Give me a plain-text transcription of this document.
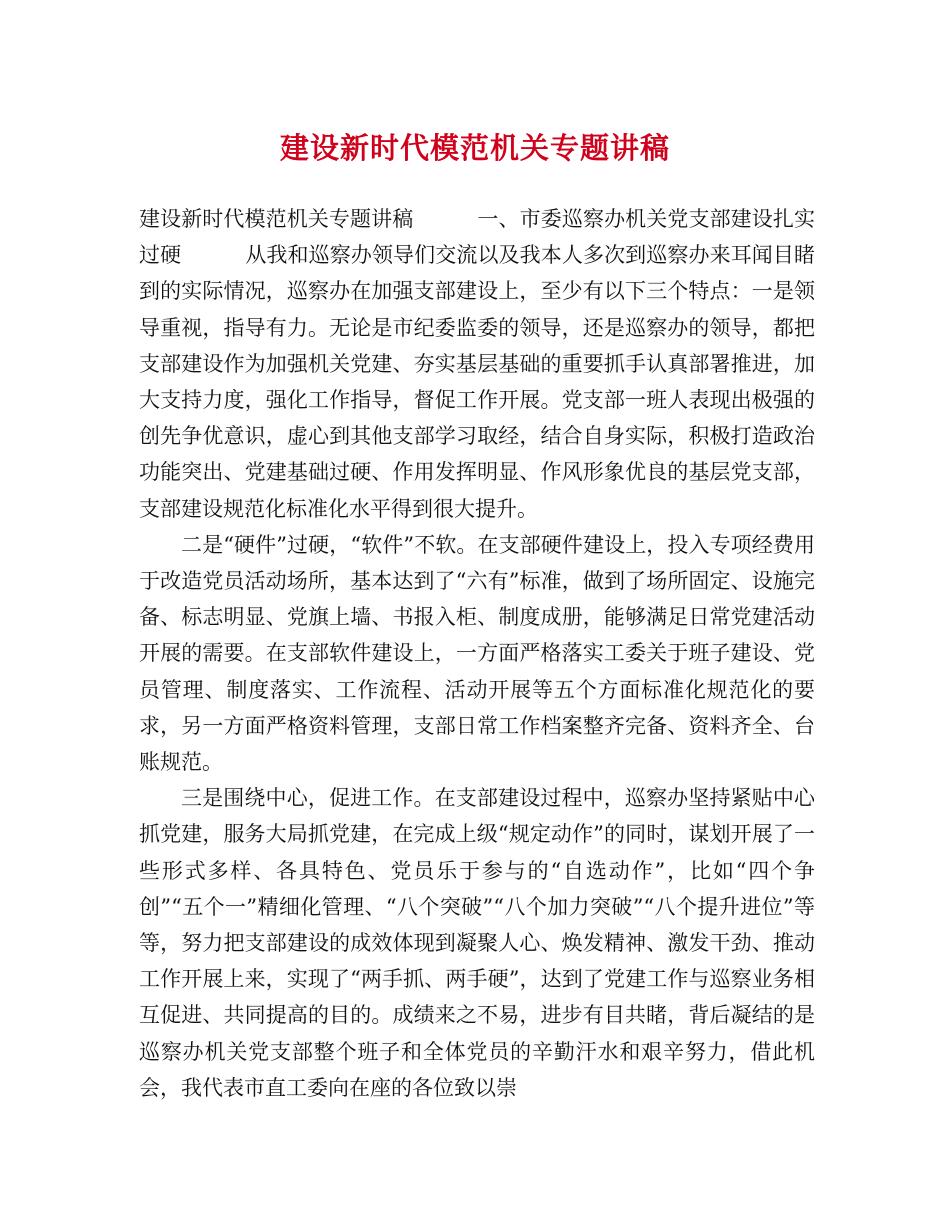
建设新时代模范机关专题讲稿

建设新时代模范机关专题讲稿	一、市委巡察办机关党支部建设扎实过硬	从我和巡察办领导们交流以及我本人多次到巡察办来耳闻目睹到的实际情况，巡察办在加强支部建设上，至少有以下三个特点：一是领导重视，指导有力。无论是市纪委监委的领导，还是巡察办的领导，都把支部建设作为加强机关党建、夯实基层基础的重要抓手认真部署推进，加大支持力度，强化工作指导，督促工作开展。党支部一班人表现出极强的创先争优意识，虚心到其他支部学习取经，结合自身实际，积极打造政治功能突出、党建基础过硬、作用发挥明显、作风形象优良的基层党支部，支部建设规范化标准化水平得到很大提升。

二是“硬件”过硬，“软件”不软。在支部硬件建设上，投入专项经费用于改造党员活动场所，基本达到了“六有”标准，做到了场所固定、设施完备、标志明显、党旗上墙、书报入柜、制度成册，能够满足日常党建活动开展的需要。在支部软件建设上，一方面严格落实工委关于班子建设、党员管理、制度落实、工作流程、活动开展等五个方面标准化规范化的要求，另一方面严格资料管理，支部日常工作档案整齐完备、资料齐全、台账规范。

三是围绕中心，促进工作。在支部建设过程中，巡察办坚持紧贴中心抓党建，服务大局抓党建，在完成上级“规定动作”的同时，谋划开展了一些形式多样、各具特色、党员乐于参与的“自选动作”，比如“四个争创”“五个一”精细化管理、“八个突破”“八个加力突破”“八个提升进位”等等，努力把支部建设的成效体现到凝聚人心、焕发精神、激发干劲、推动工作开展上来，实现了“两手抓、两手硬”，达到了党建工作与巡察业务相互促进、共同提高的目的。成绩来之不易，进步有目共睹，背后凝结的是巡察办机关党支部整个班子和全体党员的辛勤汗水和艰辛努力，借此机会，我代表市直工委向在座的各位致以崇
